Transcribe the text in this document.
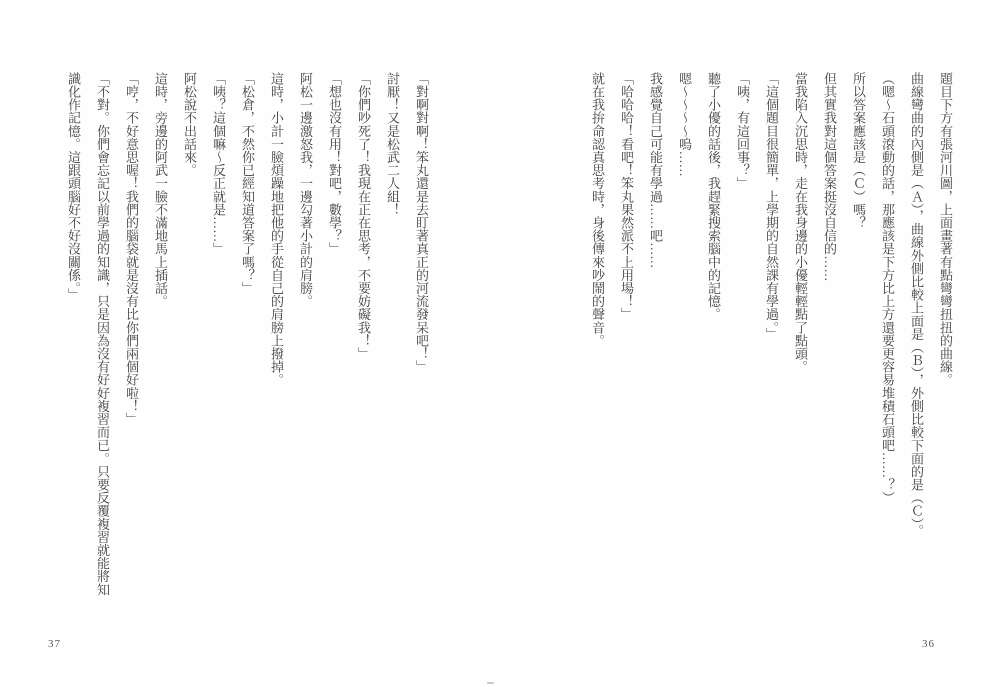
題目下方有張河川圖，上面畫著有點彎彎扭扭的曲線。

曲線彎曲的內側是（Ａ），曲線外側比較上面是（Ｂ），外側比較下面的是（Ｃ）。

（嗯～石頭滾動的話，那應該是下方比上方還要更容易堆積石頭吧……？）

所以答案應該是（Ｃ）嗎？

但其實我對這個答案挺沒自信的……

當我陷入沉思時，走在我身邊的小優輕輕點了點頭。

「這個題目很簡單，上學期的自然課有學過。」

「咦，有這回事？」

聽了小優的話後，我趕緊搜索腦中的記憶。

嗯～～～～嗚……

我感覺自己可能有學過……吧……

「哈哈哈！看吧！笨丸果然派不上用場！」

就在我拚命認真思考時，身後傳來吵鬧的聲音。

36

「對啊對啊！笨丸還是去盯著真正的河流發呆吧！」

討厭！又是松武二人組！

「你們吵死了！我現在正在思考，不要妨礙我！」

「想也沒有用！對吧，數學？」

阿松一邊激怒我，一邊勾著小計的肩膀。

這時，小計一臉煩躁地把他的手從自己的肩膀上撥掉。

「松倉，不然你已經知道答案了嗎？」

「咦？這個嘛～反正就是……」

阿松說不出話來。

這時，旁邊的阿武一臉不滿地馬上插話。

「哼，不好意思喔！我們的腦袋就是沒有比你們兩個好啦！」

「不對。你們會忘記以前學過的知識，只是因為沒有好好複習而已。只要反覆複習就能將知

識化作記憶。這跟頭腦好不好沒關係。」

37
